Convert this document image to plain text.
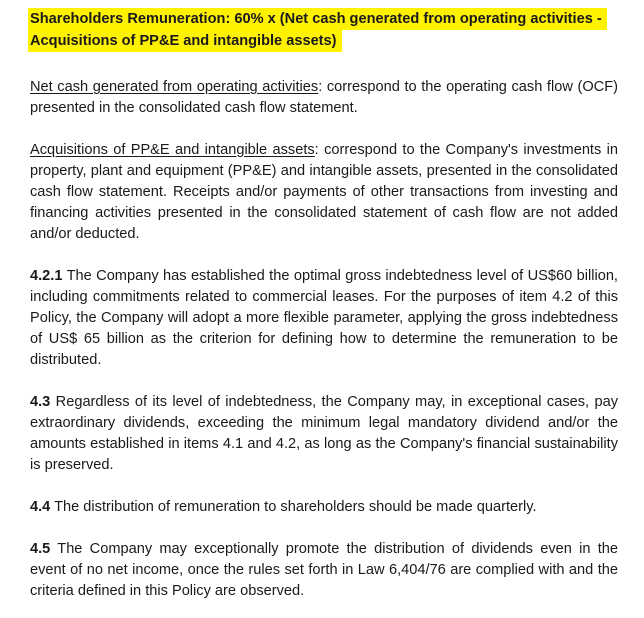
Shareholders Remuneration: 60% x (Net cash generated from operating activities -
Acquisitions of PP&E and intangible assets)

Net cash generated from operating activities: correspond to the operating cash flow (OCF) presented in the consolidated cash flow statement.

Acquisitions of PP&E and intangible assets: correspond to the Company's investments in property, plant and equipment (PP&E) and intangible assets, presented in the consolidated cash flow statement. Receipts and/or payments of other transactions from investing and financing activities presented in the consolidated statement of cash flow are not added and/or deducted.

4.2.1 The Company has established the optimal gross indebtedness level of US$60 billion, including commitments related to commercial leases. For the purposes of item 4.2 of this Policy, the Company will adopt a more flexible parameter, applying the gross indebtedness of US$ 65 billion as the criterion for defining how to determine the remuneration to be distributed.

4.3 Regardless of its level of indebtedness, the Company may, in exceptional cases, pay extraordinary dividends, exceeding the minimum legal mandatory dividend and/or the amounts established in items 4.1 and 4.2, as long as the Company's financial sustainability is preserved.

4.4 The distribution of remuneration to shareholders should be made quarterly.

4.5 The Company may exceptionally promote the distribution of dividends even in the event of no net income, once the rules set forth in Law 6,404/76 are complied with and the criteria defined in this Policy are observed.
